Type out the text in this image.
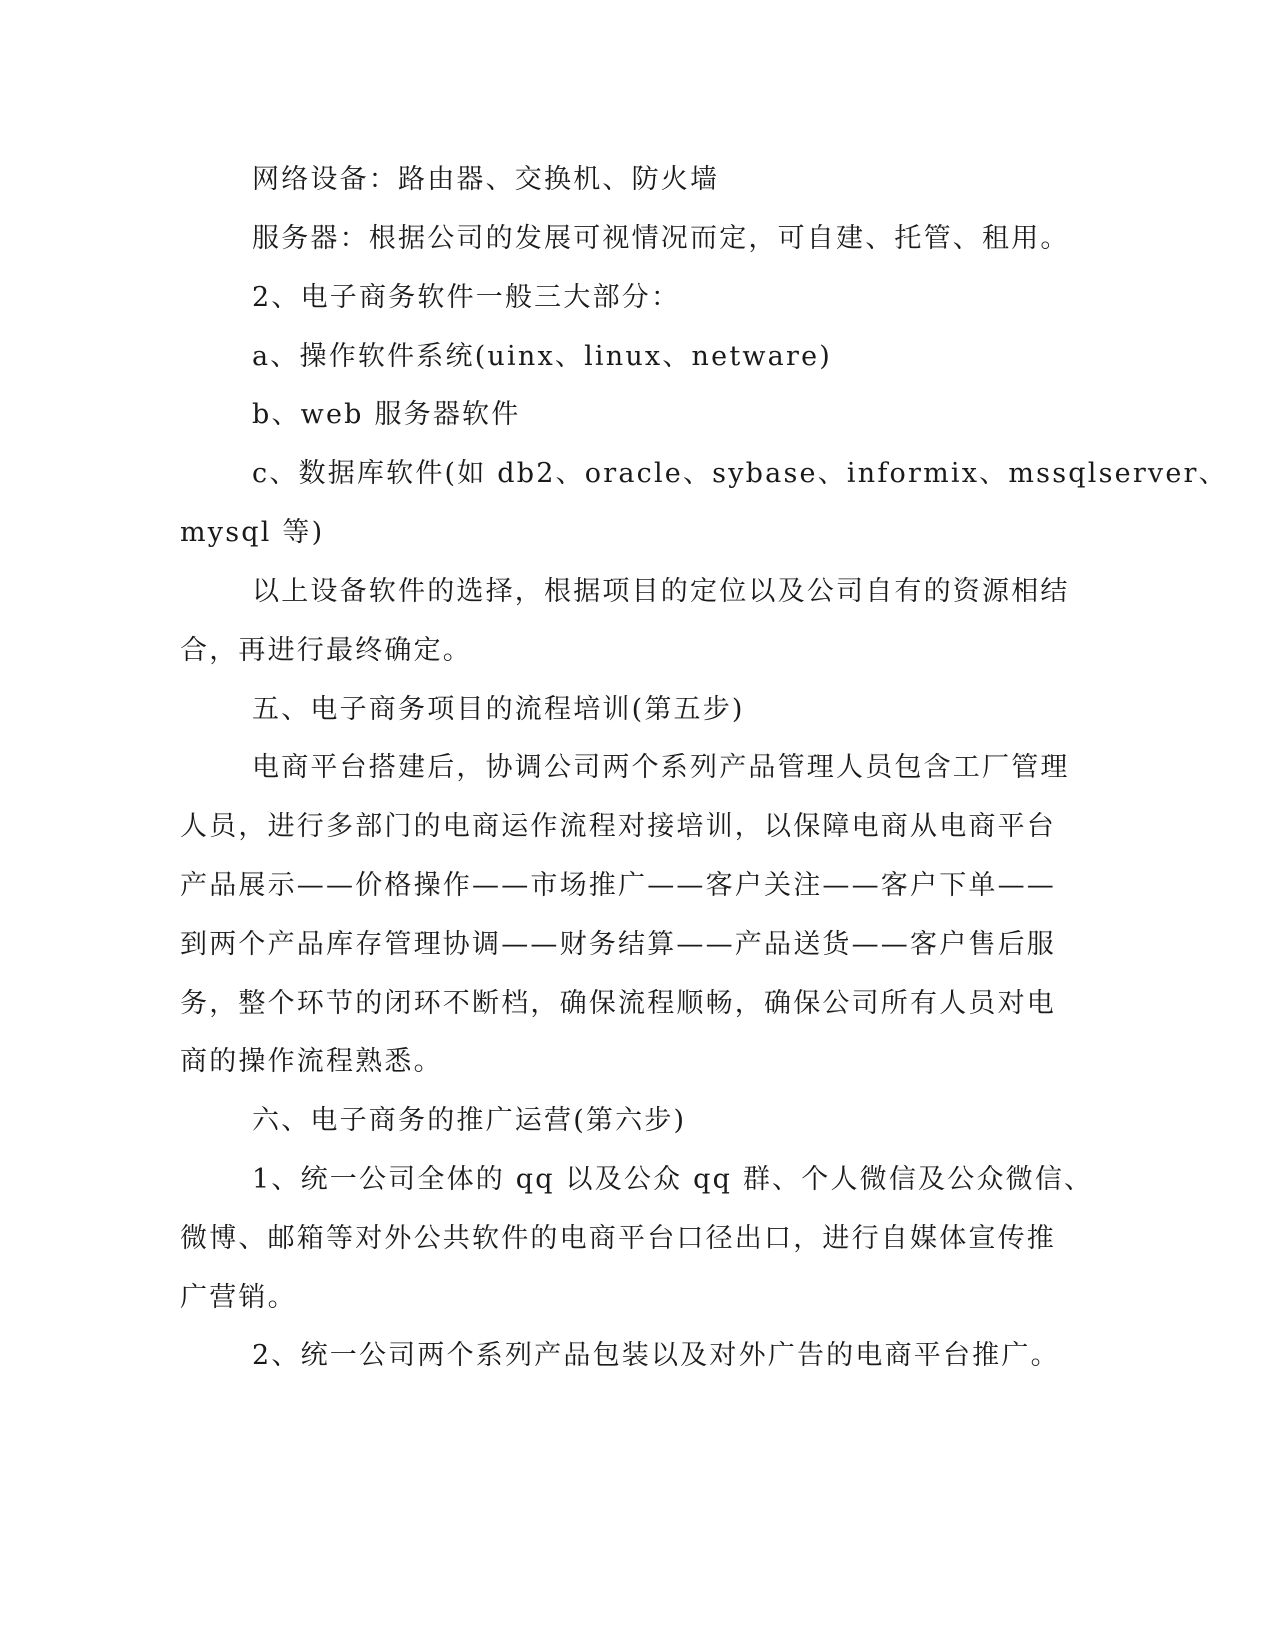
网络设备：路由器、交换机、防火墙
服务器：根据公司的发展可视情况而定，可自建、托管、租用。
2、电子商务软件一般三大部分：
a、操作软件系统(uinx、linux、netware)
b、web 服务器软件
c、数据库软件(如 db2、oracle、sybase、informix、mssqlserver、
mysql 等)
以上设备软件的选择，根据项目的定位以及公司自有的资源相结
合，再进行最终确定。
五、电子商务项目的流程培训(第五步)
电商平台搭建后，协调公司两个系列产品管理人员包含工厂管理
人员，进行多部门的电商运作流程对接培训，以保障电商从电商平台
产品展示——价格操作——市场推广——客户关注——客户下单——
到两个产品库存管理协调——财务结算——产品送货——客户售后服
务，整个环节的闭环不断档，确保流程顺畅，确保公司所有人员对电
商的操作流程熟悉。
六、电子商务的推广运营(第六步)
1、统一公司全体的 qq 以及公众 qq 群、个人微信及公众微信、
微博、邮箱等对外公共软件的电商平台口径出口，进行自媒体宣传推
广营销。
2、统一公司两个系列产品包装以及对外广告的电商平台推广。
